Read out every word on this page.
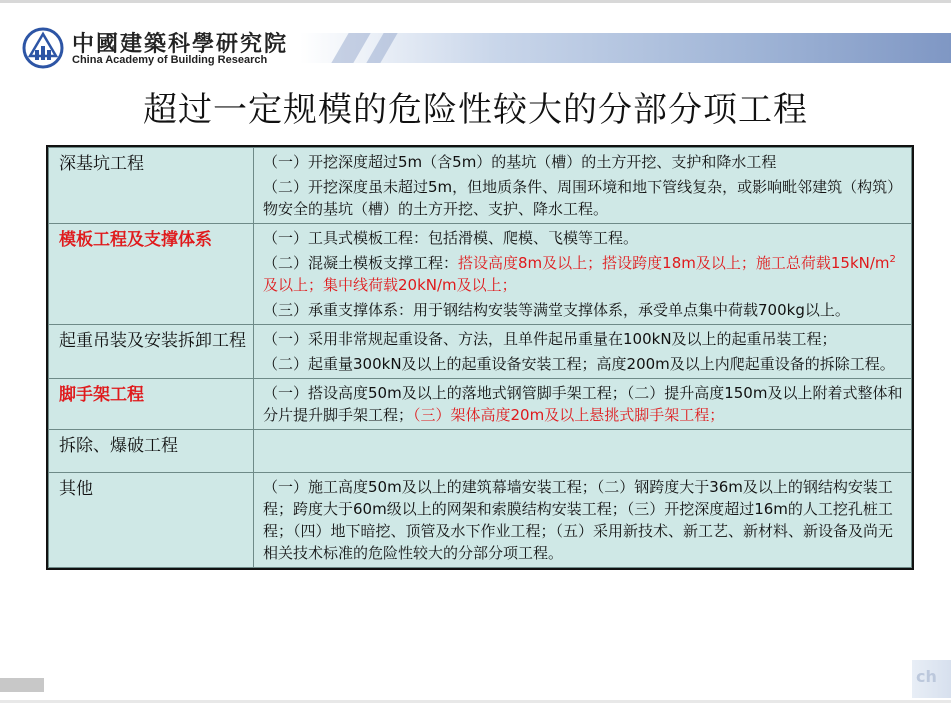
中國建築科學研究院
China Academy of Building Research
超过一定规模的危险性较大的分部分项工程
深基坑工程	（一）开挖深度超过5m（含5m）的基坑（槽）的土方开挖、支护和降水工程

（二）开挖深度虽未超过5m，但地质条件、周围环境和地下管线复杂，或影响毗邻建筑（构筑）物安全的基坑（槽）的土方开挖、支护、降水工程。

模板工程及支撑体系	（一）工具式模板工程：包括滑模、爬模、飞模等工程。

（二）混凝土模板支撑工程：搭设高度8m及以上；搭设跨度18m及以上；施工总荷载$15kN/m^2$及以上；集中线荷载20kN/m及以上；

（三）承重支撑体系：用于钢结构安装等满堂支撑体系，承受单点集中荷载700kg以上。

起重吊装及安装拆卸工程	（一）采用非常规起重设备、方法，且单件起吊重量在100kN及以上的起重吊装工程；

（二）起重量300kN及以上的起重设备安装工程；高度200m及以上内爬起重设备的拆除工程。

脚手架工程	（一）搭设高度50m及以上的落地式钢管脚手架工程；（二）提升高度150m及以上附着式整体和分片提升脚手架工程；（三）架体高度20m及以上悬挑式脚手架工程；

拆除、爆破工程	
其他	（一）施工高度50m及以上的建筑幕墙安装工程；（二）钢跨度大于36m及以上的钢结构安装工程；跨度大于60m级以上的网架和索膜结构安装工程；（三）开挖深度超过16m的人工挖孔桩工程；（四）地下暗挖、顶管及水下作业工程；（五）采用新技术、新工艺、新材料、新设备及尚无相关技术标准的危险性较大的分部分项工程。

ch
